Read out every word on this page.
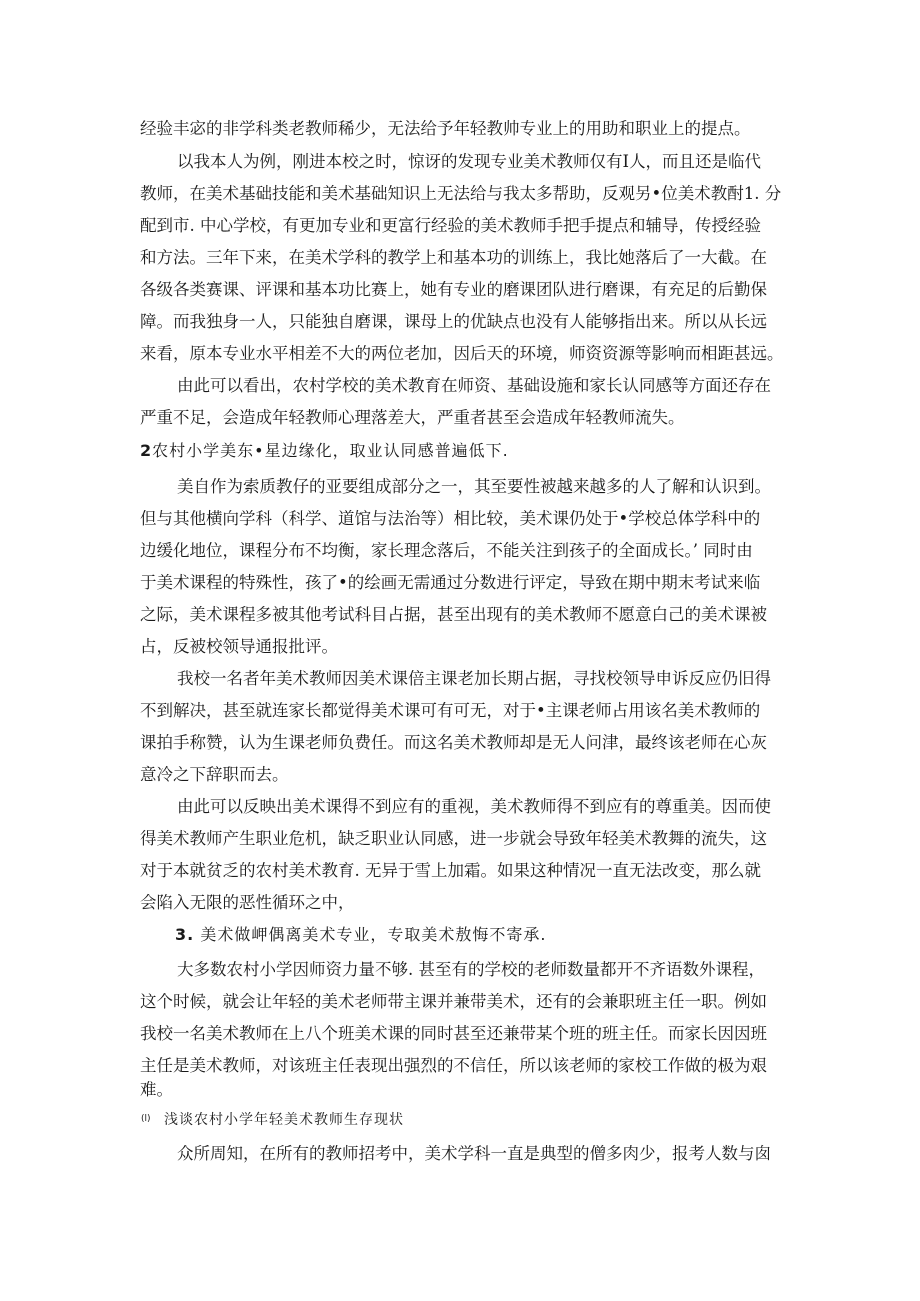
经验丰宓的非学科类老教师稀少，无法给予年轻教帅专业上的用助和职业上的提点。
以我本人为例，刚进本校之时，惊讶的发现专业美术教师仅有I人，而且还是临代
教师，在美术基础技能和美术基础知识上无法给与我太多帮助，反观另•位美术教酎1. 分
配到市. 中心学校，有更加专业和更富行经验的美术教师手把手提点和辅导，传授经验
和方法。三年下来，在美术学科的教学上和基本功的训练上，我比她落后了一大截。在
各级各类赛课、评课和基本功比赛上，她有专业的磨课团队进行磨课，有充足的后勤保
障。而我独身一人，只能独自磨课，课母上的优缺点也没有人能够指出来。所以从长远
来看，原本专业水平相差不大的两位老加，因后天的环境，师资资源等影响而相距甚远。
由此可以看出，农村学校的美术教育在师资、基础设施和家长认同感等方面还存在
严重不足，会造成年轻教师心理落差大，严重者甚至会造成年轻教师流失。
2农村小学美东•星边缘化，取业认同感普遍低下.
美自作为索质教仔的亚要组成部分之一，其至要性被越来越多的人了解和认识到。
但与其他横向学科（科学、道馆与法治等）相比较，美术课仍处于•学校总体学科中的
边缓化地位，课程分布不均衡，家长理念落后，不能关注到孩子的全面成长。’ 同时由
于美术课程的特殊性，孩了•的绘画无需通过分数进行评定，导致在期中期末考试来临
之际，美术课程多被其他考试科目占据，甚至出现有的美术教师不愿意白己的美术课被
占，反被校领导通报批评。
我校一名者年美术教师因美术课倍主课老加长期占据，寻找校领导申诉反应仍旧得
不到解决，甚至就连家长都觉得美术课可有可无，对于•主课老师占用该名美术教师的
课拍手称赞，认为生课老师负费任。而这名美术教师却是无人问津，最终该老师在心灰
意冷之下辞职而去。
由此可以反映出美术课得不到应有的重视，美术教师得不到应有的尊重美。因而使
得美术教师产生职业危机，缺乏职业认同感，进一步就会导致年轻美术教舞的流失，这
对于本就贫乏的农村美术教育. 无异于雪上加霜。如果这种情况一直无法改变，那么就
会陷入无限的恶性循环之中，
3. 美术做岬偶离美术专业，专取美术敖悔不寄承.
大多数农村小学因师资力量不够. 甚至有的学校的老师数量都开不齐语数外课程，
这个时候，就会让年轻的美术老师带主课并兼带美术，还有的会兼职班主任一职。例如
我校一名美术教师在上八个班美术课的同时甚至还兼带某个班的班主任。而家长因因班
主任是美术教师，对该班主任表现出强烈的不信任，所以该老师的家校工作做的极为艰
难。
(l) 浅谈农村小学年轻美术教师生存现状
众所周知，在所有的教师招考中，美术学科一直是典型的僧多肉少，报考人数与囱
